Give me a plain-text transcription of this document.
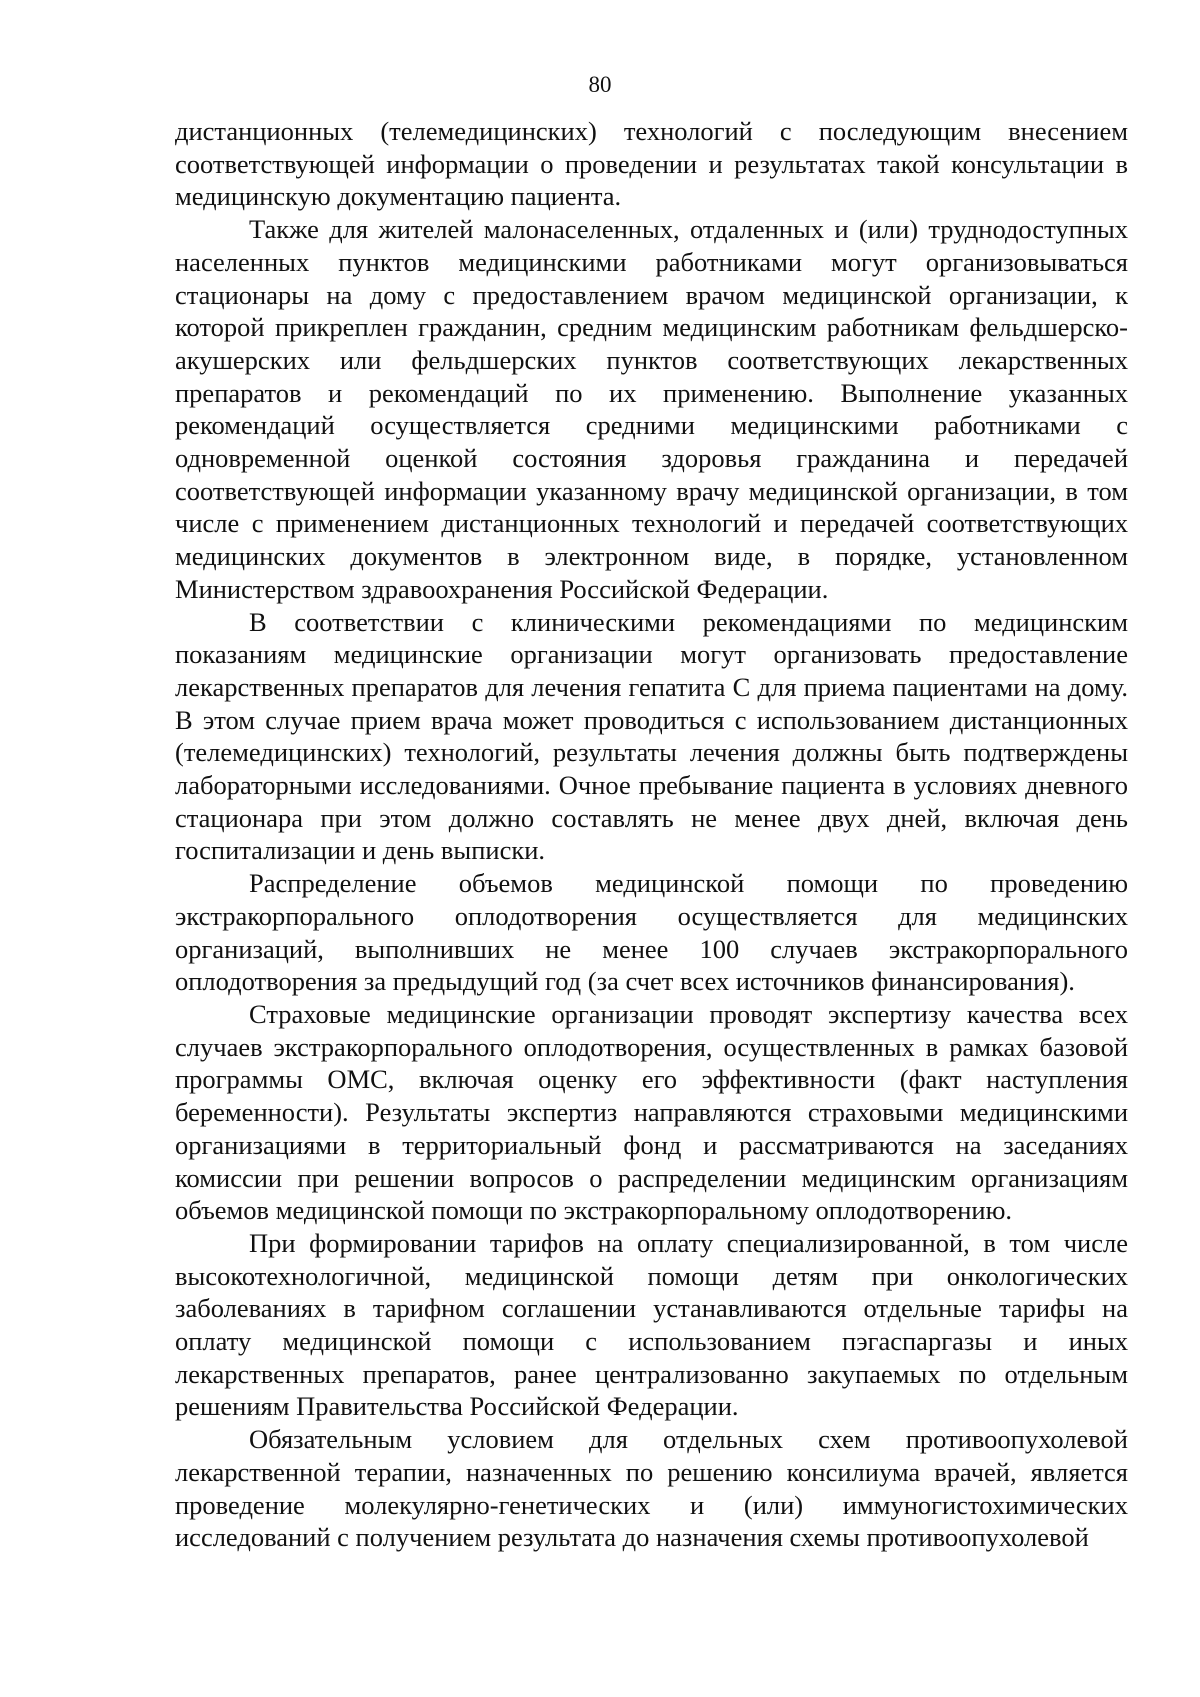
80

дистанционных (телемедицинских) технологий с последующим внесением соответствующей информации о проведении и результатах такой консультации в медицинскую документацию пациента.

Также для жителей малонаселенных, отдаленных и (или) труднодоступных населенных пунктов медицинскими работниками могут организовываться стационары на дому с предоставлением врачом медицинской организации, к которой прикреплен гражданин, средним медицинским работникам фельдшерско-акушерских или фельдшерских пунктов соответствующих лекарственных препаратов и рекомендаций по их применению. Выполнение указанных рекомендаций осуществляется средними медицинскими работниками с одновременной оценкой состояния здоровья гражданина и передачей соответствующей информации указанному врачу медицинской организации, в том числе с применением дистанционных технологий и передачей соответствующих медицинских документов в электронном виде, в порядке, установленном Министерством здравоохранения Российской Федерации.

В соответствии с клиническими рекомендациями по медицинским показаниям медицинские организации могут организовать предоставление лекарственных препаратов для лечения гепатита С для приема пациентами на дому. В этом случае прием врача может проводиться с использованием дистанционных (телемедицинских) технологий, результаты лечения должны быть подтверждены лабораторными исследованиями. Очное пребывание пациента в условиях дневного стационара при этом должно составлять не менее двух дней, включая день госпитализации и день выписки.

Распределение объемов медицинской помощи по проведению экстракорпорального оплодотворения осуществляется для медицинских организаций, выполнивших не менее 100 случаев экстракорпорального оплодотворения за предыдущий год (за счет всех источников финансирования).

Страховые медицинские организации проводят экспертизу качества всех случаев экстракорпорального оплодотворения, осуществленных в рамках базовой программы ОМС, включая оценку его эффективности (факт наступления беременности). Результаты экспертиз направляются страховыми медицинскими организациями в территориальный фонд и рассматриваются на заседаниях комиссии при решении вопросов о распределении медицинским организациям объемов медицинской помощи по экстракорпоральному оплодотворению.

При формировании тарифов на оплату специализированной, в том числе высокотехнологичной, медицинской помощи детям при онкологических заболеваниях в тарифном соглашении устанавливаются отдельные тарифы на оплату медицинской помощи с использованием пэгаспаргазы и иных лекарственных препаратов, ранее централизованно закупаемых по отдельным решениям Правительства Российской Федерации.

Обязательным условием для отдельных схем противоопухолевой лекарственной терапии, назначенных по решению консилиума врачей, является проведение молекулярно-генетических и (или) иммуногистохимических исследований с получением результата до назначения схемы противоопухолевой
